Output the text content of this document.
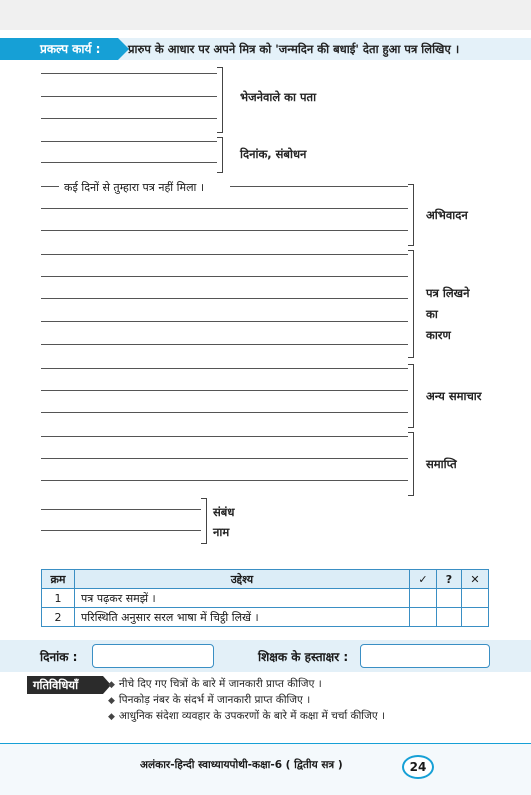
प्रकल्प कार्य :	प्रारुप के आधार पर अपने मित्र को 'जन्मदिन की बधाई' देता हुआ पत्र लिखिए ।
भेजनेवाले का पता
दिनांक, संबोधन
कई दिनों से तुम्हारा पत्र नहीं मिला ।
अभिवादन
पत्र लिखने
का
कारण
अन्य समाचार
समाप्ति
संबंध
नाम
क्रम	उद्देश्य	✓	?	✕
1	पत्र पढ़कर समझें ।			
2	परिस्थिति अनुसार सरल भाषा में चिट्ठी लिखें ।			
दिनांक :	शिक्षक के हस्ताक्षर :
गतिविधियाँ	◆ नीचे दिए गए चित्रों के बारे में जानकारी प्राप्त कीजिए ।
◆ पिनकोड़ नंबर के संदर्भ में जानकारी प्राप्त कीजिए ।
◆ आधुनिक संदेशा व्यवहार के उपकरणों के बारे में कक्षा में चर्चा कीजिए ।
अलंकार-हिन्दी स्वाध्यायपोथी-कक्षा-6 ( द्वितीय सत्र )	24
